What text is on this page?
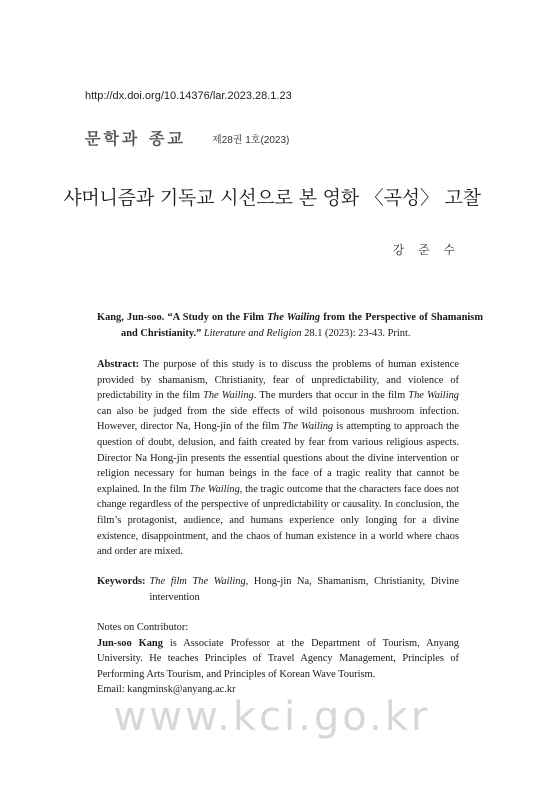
http://dx.doi.org/10.14376/lar.2023.28.1.23
문학과 종교	제28권 1호(2023)
샤머니즘과 기독교 시선으로 본 영화 〈곡성〉 고찰
강 준 수
Kang, Jun-soo. “A Study on the Film The Wailing from the Perspective of Shamanism and Christianity.” Literature and Religion 28.1 (2023): 23-43. Print.
Abstract: The purpose of this study is to discuss the problems of human existence provided by shamanism, Christianity, fear of unpredictability, and violence of predictability in the film The Wailing. The murders that occur in the film The Wailing can also be judged from the side effects of wild poisonous mushroom infection. However, director Na, Hong-jin of the film The Wailing is attempting to approach the question of doubt, delusion, and faith created by fear from various religious aspects. Director Na Hong-jin presents the essential questions about the divine intervention or religion necessary for human beings in the face of a tragic reality that cannot be explained. In the film The Wailing, the tragic outcome that the characters face does not change regardless of the perspective of unpredictability or causality. In conclusion, the film’s protagonist, audience, and humans experience only longing for a divine existence, disappointment, and the chaos of human existence in a world where chaos and order are mixed.
Keywords: The film The Wailing, Hong-jin Na, Shamanism, Christianity, Divine intervention
Notes on Contributor:
Jun-soo Kang is Associate Professor at the Department of Tourism, Anyang University. He teaches Principles of Travel Agency Management, Principles of Performing Arts Tourism, and Principles of Korean Wave Tourism.
Email: kangminsk@anyang.ac.kr
www.kci.go.kr
